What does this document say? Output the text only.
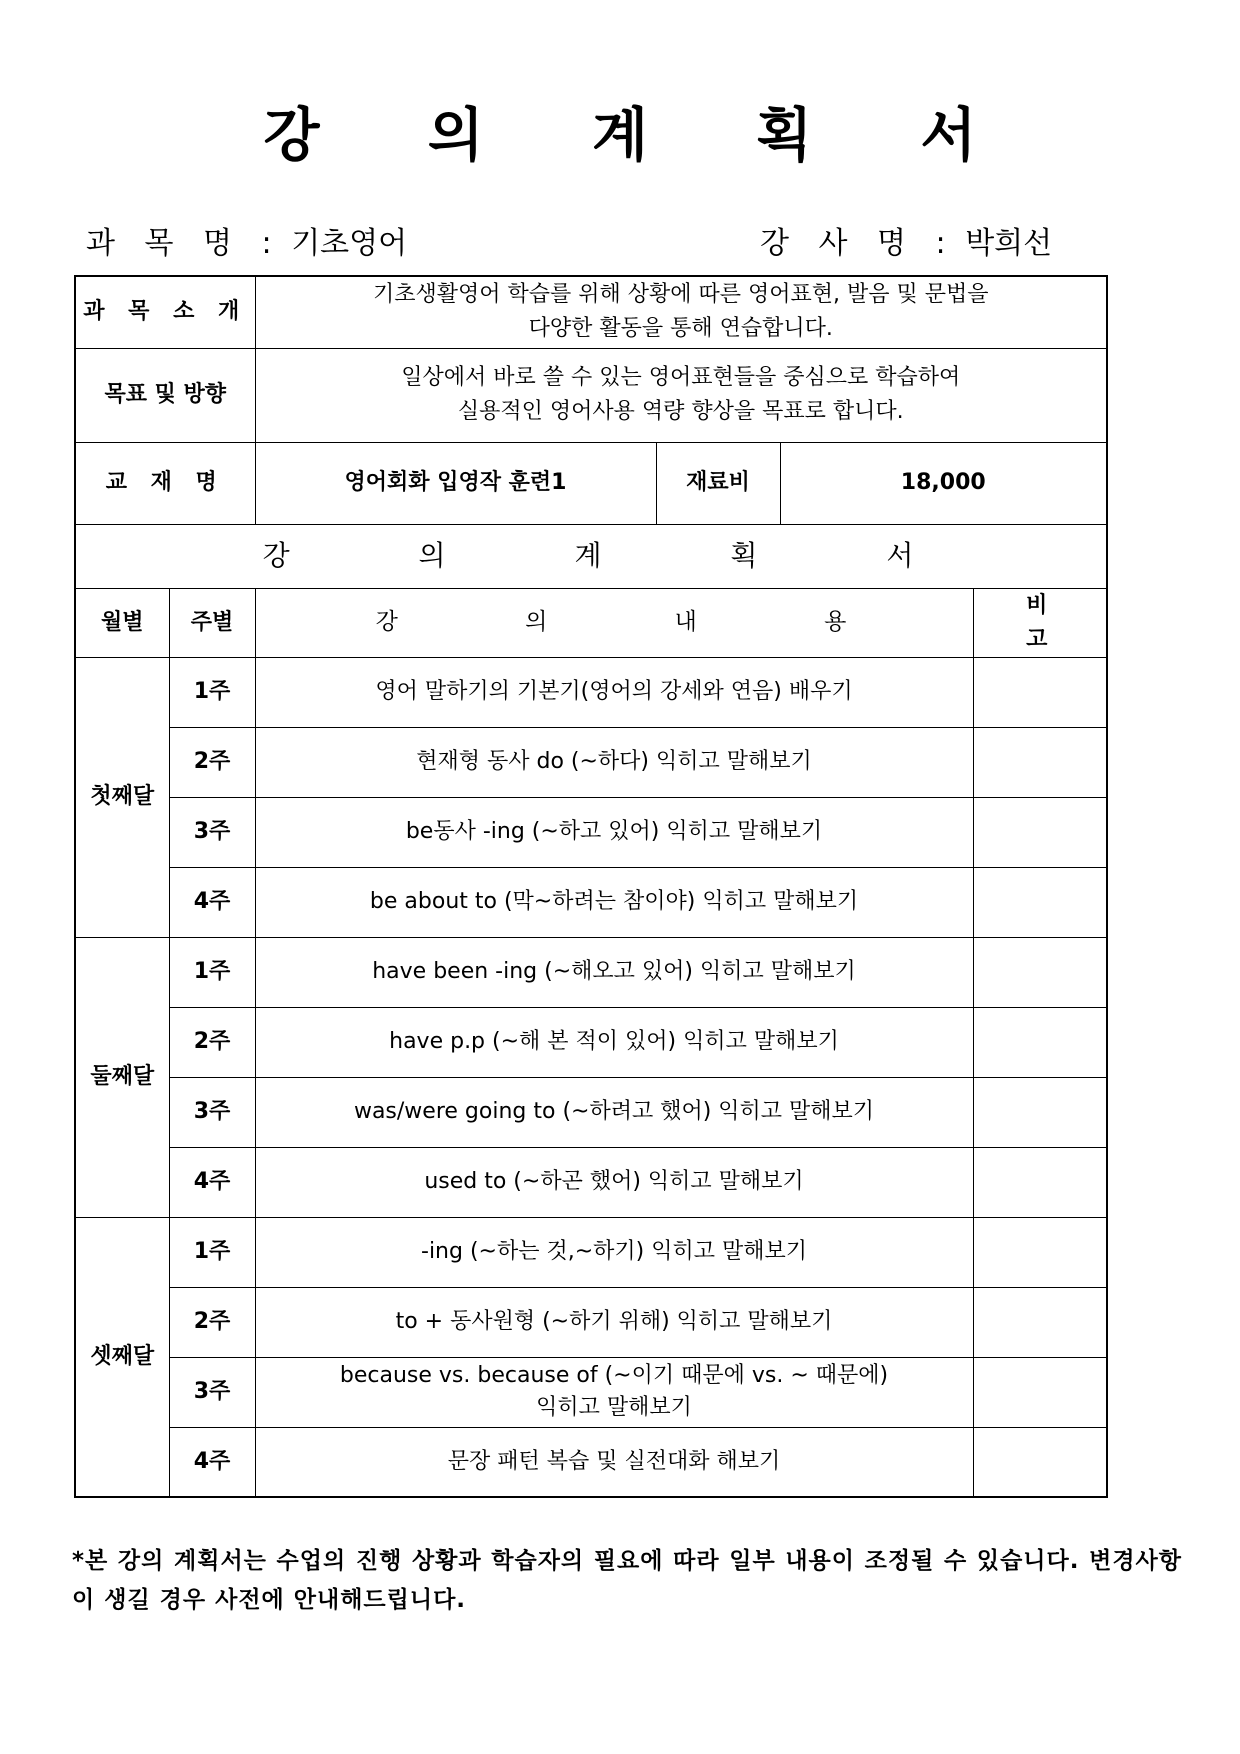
강 의 계 획 서
과 목 명 : 기초영어	강 사 명 : 박희선
과 목 소 개		기초생활영어 학습를 위해 상황에 따른 영어표현, 발음 및 문법을
다양한 활동을 통해 연습합니다.			

목표 및 방향		일상에서 바로 쓸 수 있는 영어표현들을 중심으로 학습하여
실용적인 영어사용 역량 향상을 목표로 합니다.			

교 재 명		영어회화 입영작 훈련1	재료비	18,000	
강 의 계 획 서					
월별	주별	강 의 내 용			비 고
첫째달	1주	영어 말하기의 기본기(영어의 강세와 연음) 배우기			
	2주	현재형 동사 do (~하다) 익히고 말해보기			
	3주	be동사 -ing (~하고 있어) 익히고 말해보기			
	4주	be about to (막~하려는 참이야) 익히고 말해보기			
둘째달	1주	have been -ing (~해오고 있어) 익히고 말해보기			
	2주	have p.p (~해 본 적이 있어) 익히고 말해보기			
	3주	was/were going to (~하려고 했어) 익히고 말해보기			
	4주	used to (~하곤 했어) 익히고 말해보기			
셋째달	1주	-ing (~하는 것,~하기) 익히고 말해보기			
	2주	to + 동사원형 (~하기 위해) 익히고 말해보기			
	3주	because vs. because of (~이기 때문에 vs. ~ 때문에)
익히고 말해보기			

	4주	문장 패턴 복습 및 실전대화 해보기			
*본 강의 계획서는 수업의 진행 상황과 학습자의 필요에 따라 일부 내용이 조정될 수 있습니다. 변경사항이 생길 경우 사전에 안내해드립니다.
